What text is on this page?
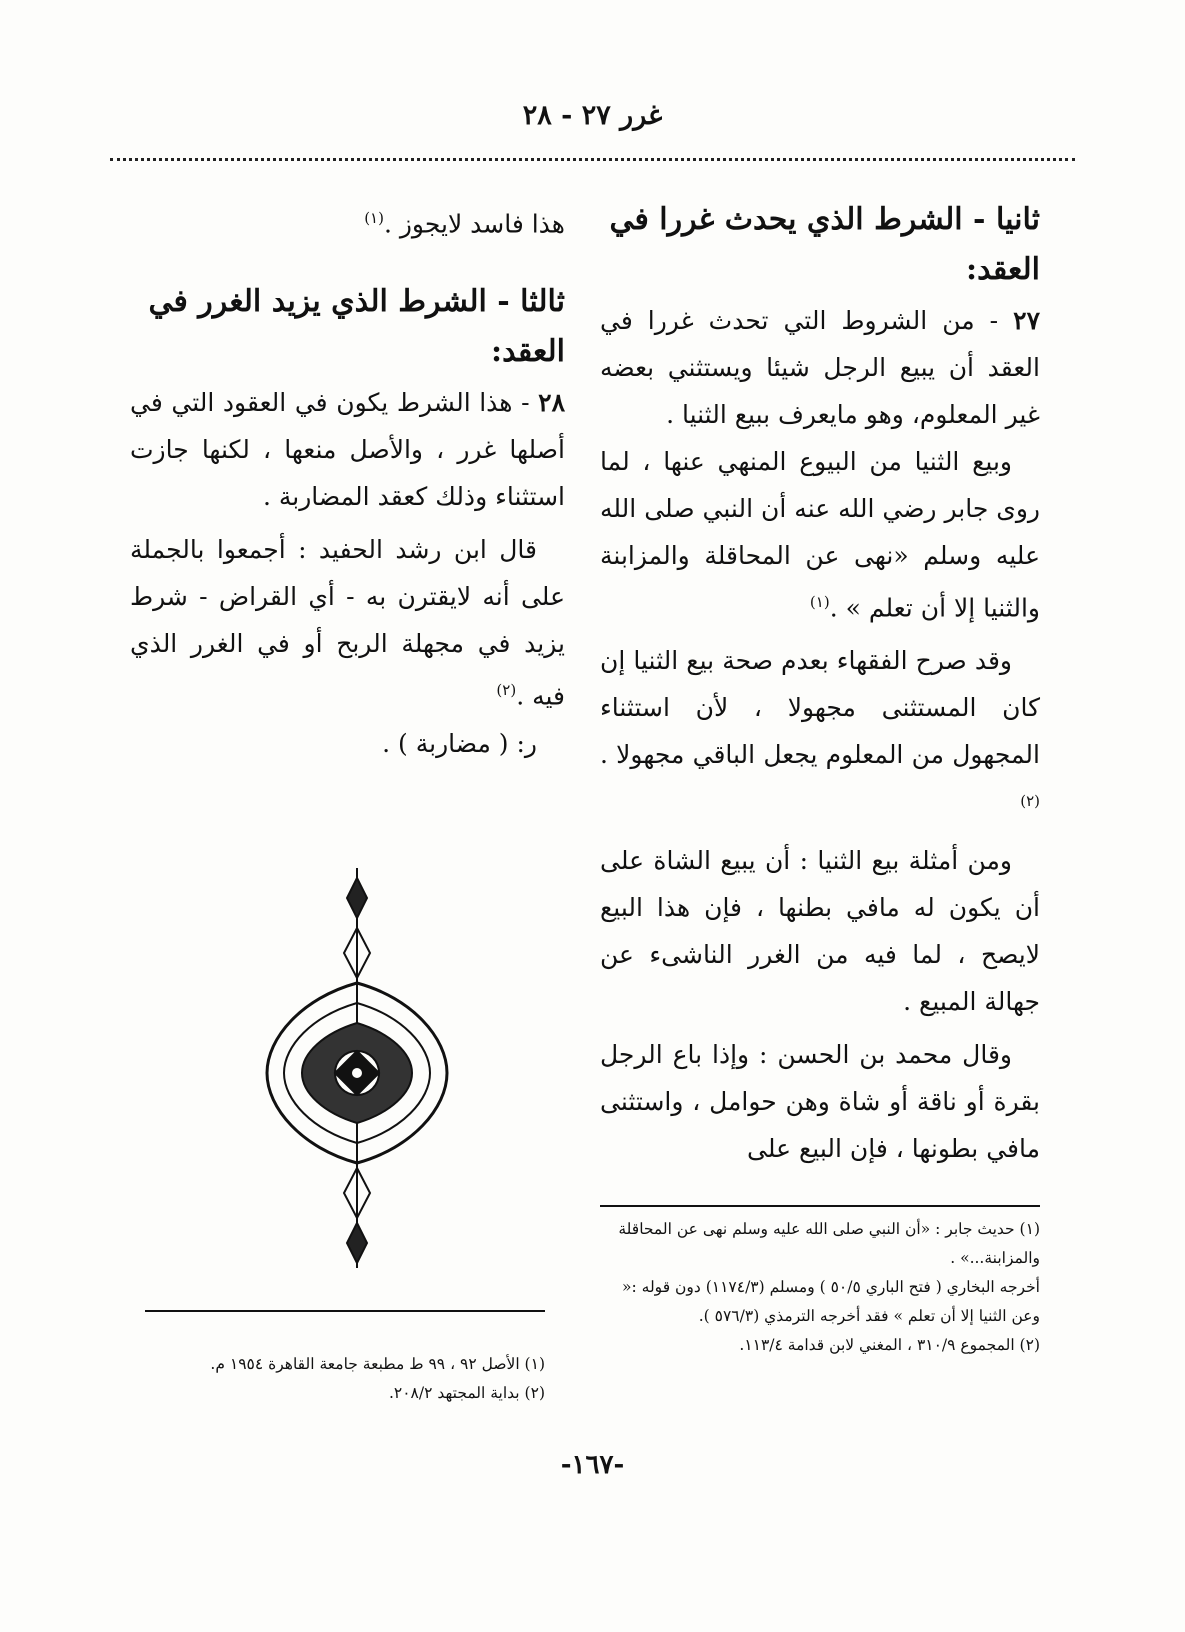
غرر ٢٧ - ٢٨
ثانيا - الشرط الذي يحدث غررا في العقد:

٢٧ - من الشروط التي تحدث غررا في العقد أن يبيع الرجل شيئا ويستثني بعضه غير المعلوم، وهو مايعرف ببيع الثنيا .

وبيع الثنيا من البيوع المنهي عنها ، لما روى جابر رضي الله عنه أن النبي صلى الله عليه وسلم «نهى عن المحاقلة والمزابنة والثنيا إلا أن تعلم » .$^{(١)}$

وقد صرح الفقهاء بعدم صحة بيع الثنيا إن كان المستثنى مجهولا ، لأن استثناء المجهول من المعلوم يجعل الباقي مجهولا .$^{(٢)}$

ومن أمثلة بيع الثنيا : أن يبيع الشاة على أن يكون له مافي بطنها ، فإن هذا البيع لايصح ، لما فيه من الغرر الناشىء عن جهالة المبيع .

وقال محمد بن الحسن : وإذا باع الرجل بقرة أو ناقة أو شاة وهن حوامل ، واستثنى مافي بطونها ، فإن البيع على

هذا فاسد لايجوز .$^{(١)}$

ثالثا - الشرط الذي يزيد الغرر في العقد:

٢٨ - هذا الشرط يكون في العقود التي في أصلها غرر ، والأصل منعها ، لكنها جازت استثناء وذلك كعقد المضاربة .

قال ابن رشد الحفيد : أجمعوا بالجملة على أنه لايقترن به - أي القراض - شرط يزيد في مجهلة الربح أو في الغرر الذي فيه .$^{(٢)}$

ر: ( مضاربة ) .

(١) حديث جابر : «أن النبي صلى الله عليه وسلم نهى عن المحاقلة والمزابنة...» .

أخرجه البخاري ( فتح الباري ٥٠/٥ ) ومسلم (١١٧٤/٣) دون قوله :« وعن الثنيا إلا أن تعلم » فقد أخرجه الترمذي (٥٧٦/٣ ).

(٢) المجموع ٣١٠/٩ ، المغني لابن قدامة ١١٣/٤.

(١) الأصل ٩٢ ، ٩٩ ط مطبعة جامعة القاهرة ١٩٥٤ م.

(٢) بداية المجتهد ٢٠٨/٢.

-١٦٧-
